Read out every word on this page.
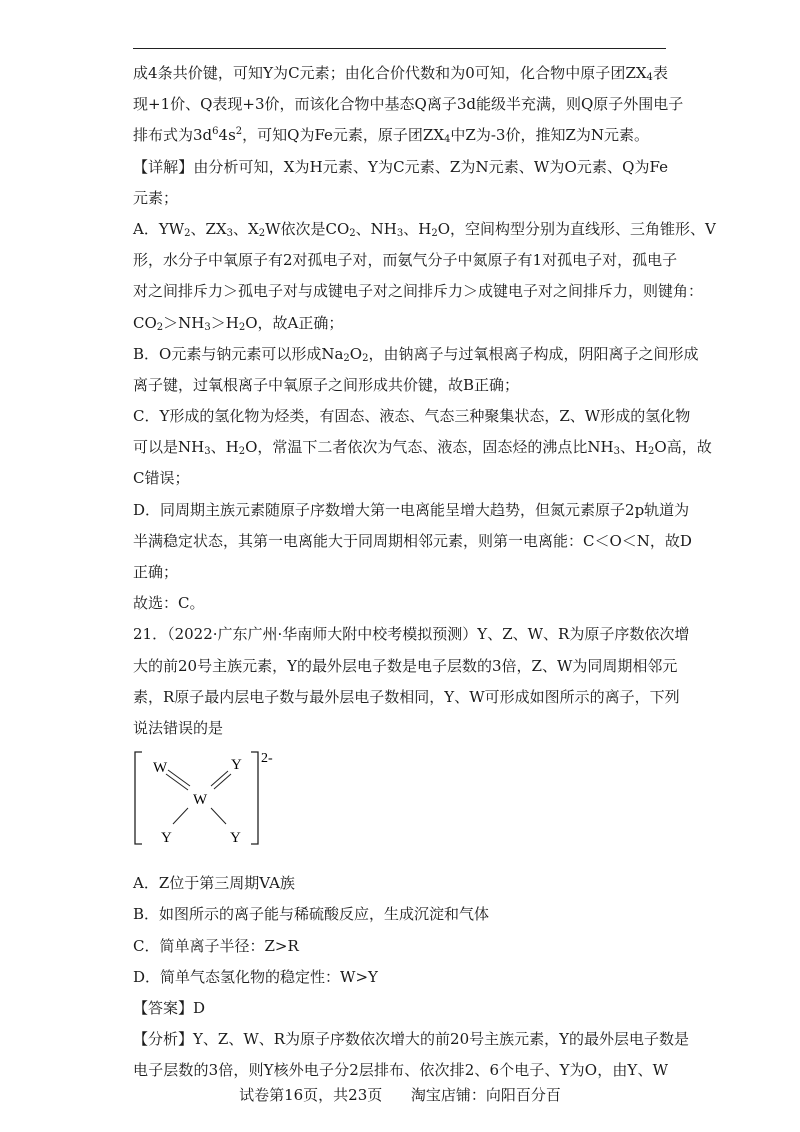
成4条共价键，可知Y为C元素；由化合价代数和为0可知，化合物中原子团$ZX_4$表
现+1价、Q表现+3价，而该化合物中基态Q离子3d能级半充满，则Q原子外围电子
排布式为$3d^64s^2$，可知Q为Fe元素，原子团$ZX_4$中Z为-3价，推知Z为N元素。
【详解】由分析可知，X为H元素、Y为C元素、Z为N元素、W为O元素、Q为Fe
元素；
A．$YW_2$、$ZX_3$、$X_2W$依次是$CO_2$、$NH_3$、$H_2O$，空间构型分别为直线形、三角锥形、V
形，水分子中氧原子有2对孤电子对，而氨气分子中氮原子有1对孤电子对，孤电子
对之间排斥力＞孤电子对与成键电子对之间排斥力＞成键电子对之间排斥力，则键角：
$CO_2>NH_3>H_2O$，故A正确；
B．O元素与钠元素可以形成$Na_2O_2$，由钠离子与过氧根离子构成，阴阳离子之间形成
离子键，过氧根离子中氧原子之间形成共价键，故B正确；
C．Y形成的氢化物为烃类，有固态、液态、气态三种聚集状态，Z、W形成的氢化物
可以是$NH_3$、$H_2O$，常温下二者依次为气态、液态，固态烃的沸点比$NH_3$、$H_2O$高，故
C错误；
D．同周期主族元素随原子序数增大第一电离能呈增大趋势，但氮元素原子2p轨道为
半满稳定状态，其第一电离能大于同周期相邻元素，则第一电离能：C＜O＜N，故D
正确；
故选：C。
21．（2022·广东广州·华南师大附中校考模拟预测）Y、Z、W、R为原子序数依次增
大的前20号主族元素，Y的最外层电子数是电子层数的3倍，Z、W为同周期相邻元
素，R原子最内层电子数与最外层电子数相同，Y、W可形成如图所示的离子，下列
说法错误的是
W
W
Y
Y	Y
2-
A．Z位于第三周期VA族
B．如图所示的离子能与稀硫酸反应，生成沉淀和气体
C．简单离子半径：Z>R
D．简单气态氢化物的稳定性：W>Y
【答案】D
【分析】Y、Z、W、R为原子序数依次增大的前20号主族元素，Y的最外层电子数是
电子层数的3倍，则Y核外电子分2层排布、依次排2、6个电子、Y为O，由Y、W
试卷第16页，共23页      淘宝店铺：向阳百分百
